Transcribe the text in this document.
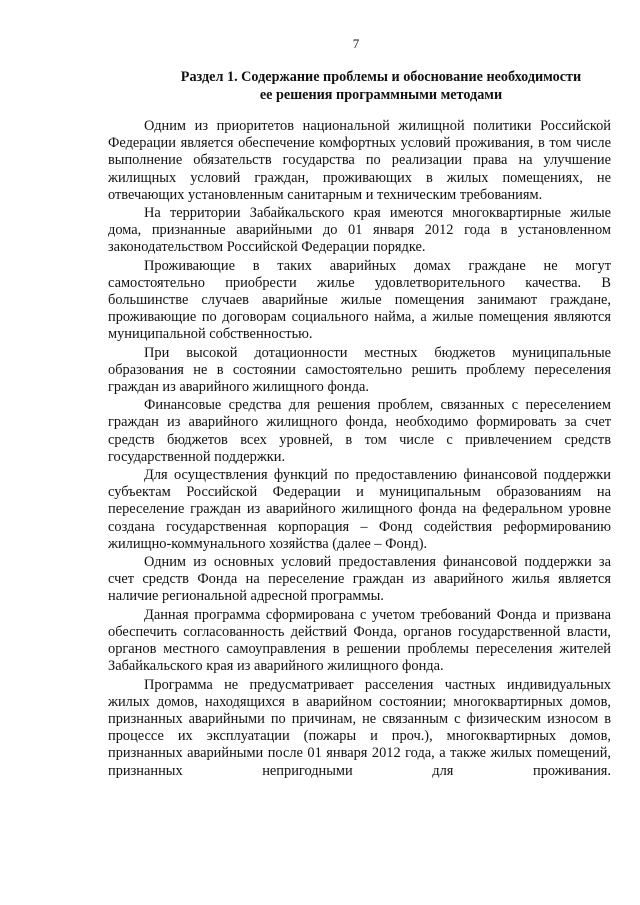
7
Раздел 1. Содержание проблемы и обоснование необходимости
ее решения программными методами

Одним из приоритетов национальной жилищной политики Российской Федерации является обеспечение комфортных условий проживания, в том числе выполнение обязательств государства по реализации права на улучшение жилищных условий граждан, проживающих в жилых помещениях, не отвечающих установленным санитарным и техническим требованиям.

На территории Забайкальского края имеются многоквартирные жилые дома, признанные аварийными до 01 января 2012 года в установленном законодательством Российской Федерации порядке.

Проживающие в таких аварийных домах граждане не могут самостоятельно приобрести жилье удовлетворительного качества. В большинстве случаев аварийные жилые помещения занимают граждане, проживающие по договорам социального найма, а жилые помещения являются муниципальной собственностью.

При высокой дотационности местных бюджетов муниципальные образования не в состоянии самостоятельно решить проблему переселения граждан из аварийного жилищного фонда.

Финансовые средства для решения проблем, связанных с переселением граждан из аварийного жилищного фонда, необходимо формировать за счет средств бюджетов всех уровней, в том числе с привлечением средств государственной поддержки.

Для осуществления функций по предоставлению финансовой поддержки субъектам Российской Федерации и муниципальным образованиям на переселение граждан из аварийного жилищного фонда на федеральном уровне создана государственная корпорация – Фонд содействия реформированию жилищно-коммунального хозяйства (далее – Фонд).

Одним из основных условий предоставления финансовой поддержки за счет средств Фонда на переселение граждан из аварийного жилья является наличие региональной адресной программы.

Данная программа сформирована с учетом требований Фонда и призвана обеспечить согласованность действий Фонда, органов государственной власти, органов местного самоуправления в решении проблемы переселения жителей Забайкальского края из аварийного жилищного фонда.

Программа не предусматривает расселения частных индивидуальных жилых домов, находящихся в аварийном состоянии; многоквартирных домов, признанных аварийными по причинам, не связанным с физическим износом в процессе их эксплуатации (пожары и проч.), многоквартирных домов, признанных аварийными после 01 января 2012 года, а также жилых помещений, признанных непригодными для проживания.
